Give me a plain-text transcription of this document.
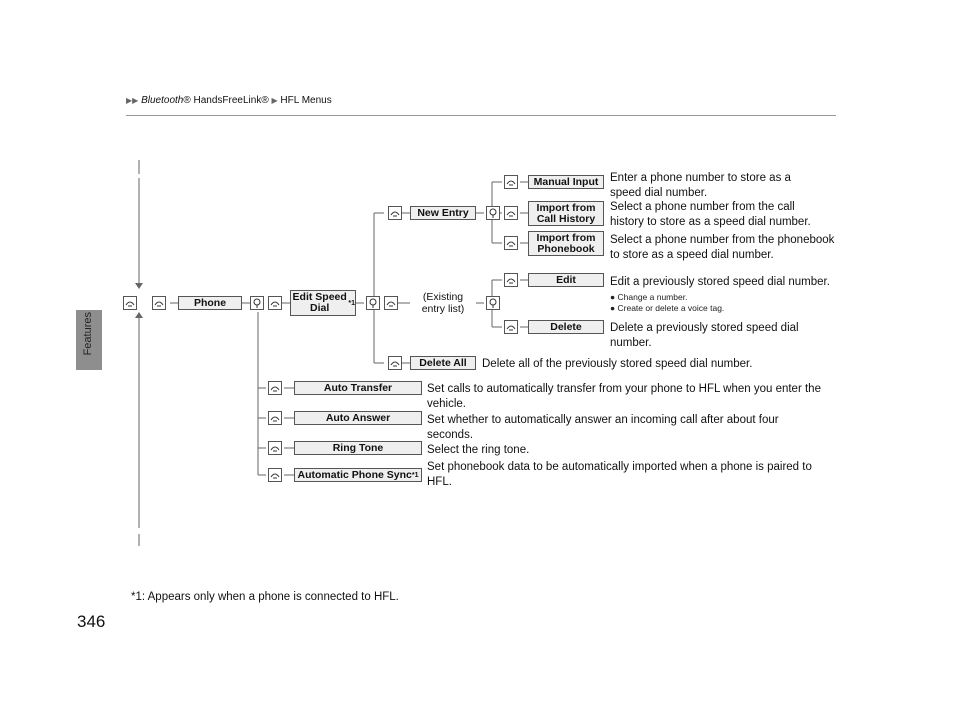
▶▶ Bluetooth® HandsFreeLink® ▶ HFL Menus
Features
Phone	Edit Speed Dial	*1	(Existing entry list)
New Entry
Delete All
Manual Input
Import from Call History
Import from Phonebook
Edit
Delete
Auto Transfer
Auto Answer
Ring Tone
Automatic Phone Sync *1
Enter a phone number to store as a speed dial number.
Select a phone number from the call history to store as a speed dial number.
Select a phone number from the phonebook to store as a speed dial number.
Edit a previously stored speed dial number.
● Change a number.
● Create or delete a voice tag.
Delete a previously stored speed dial number.
Delete all of the previously stored speed dial number.
Set calls to automatically transfer from your phone to HFL when you enter the vehicle.
Set whether to automatically answer an incoming call after about four seconds.
Select the ring tone.
Set phonebook data to be automatically imported when a phone is paired to HFL.
*1: Appears only when a phone is connected to HFL.
346
